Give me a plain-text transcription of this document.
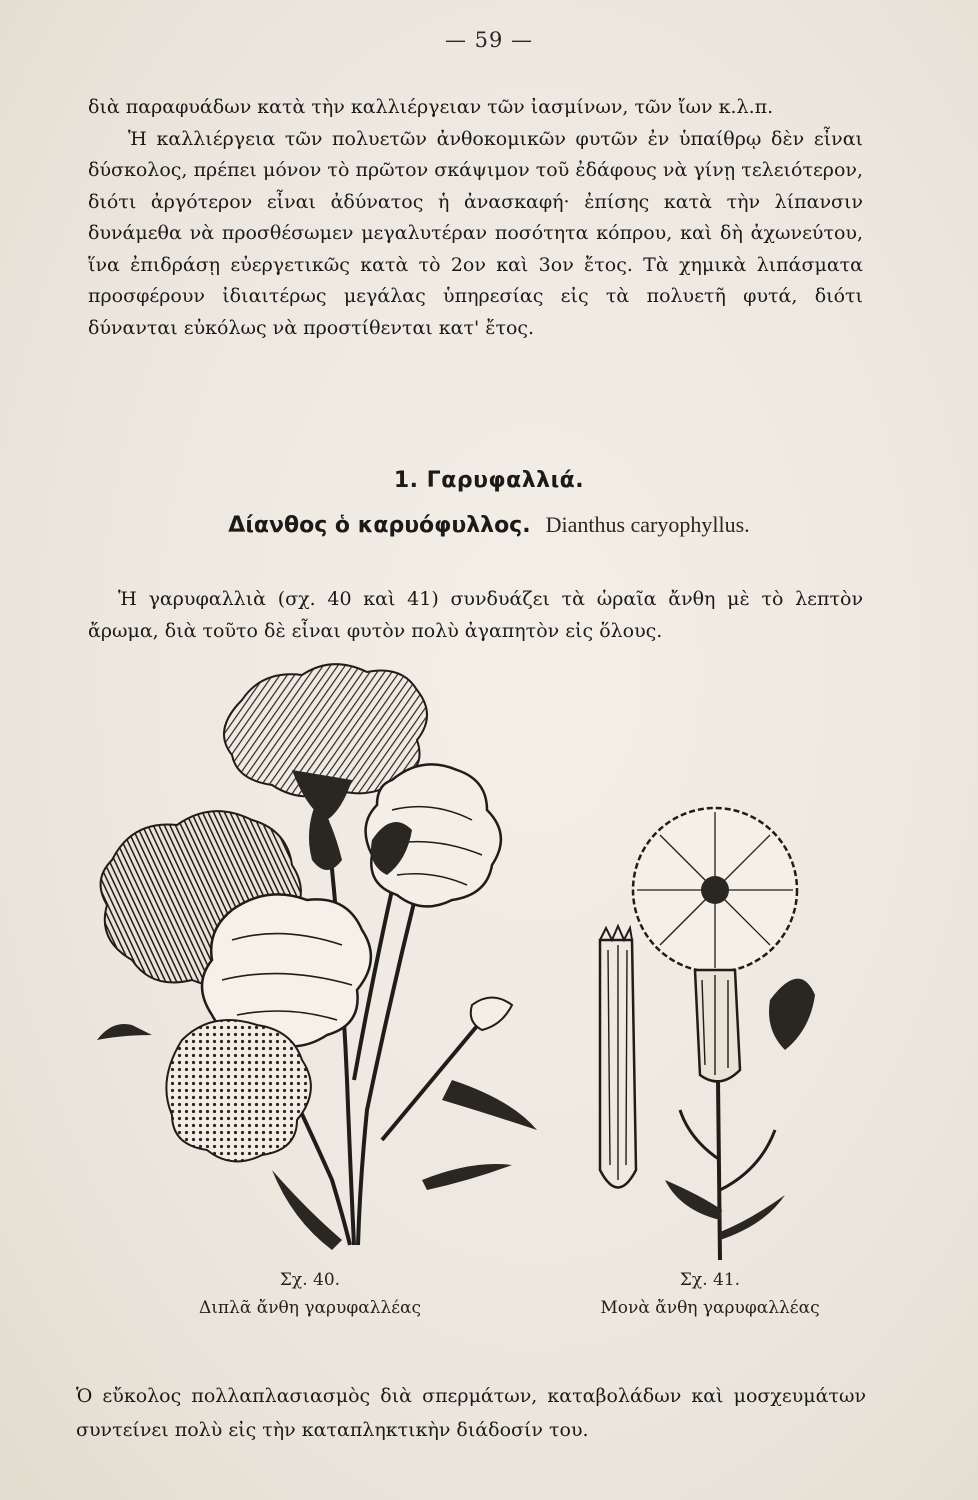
— 59 —

διὰ παραφυάδων κατὰ τὴν καλλιέργειαν τῶν ἰασμίνων, τῶν ἴων κ.λ.π.

Ἡ καλλιέργεια τῶν πολυετῶν ἀνθοκομικῶν φυτῶν ἐν ὑπαίθρῳ δὲν εἶναι δύσκολος, πρέπει μόνον τὸ πρῶτον σκάψιμον τοῦ ἐδάφους νὰ γίνῃ τελειότερον, διότι ἀργότερον εἶναι ἀδύνατος ἡ ἀνασκαφή· ἐπίσης κατὰ τὴν λίπανσιν δυνάμεθα νὰ προσθέσωμεν μεγαλυτέραν ποσότητα κόπρου, καὶ δὴ ἀχωνεύτου, ἵνα ἐπιδράσῃ εὐεργετικῶς κατὰ τὸ 2ον καὶ 3ον ἔτος. Τὰ χημικὰ λιπάσματα προσφέρουν ἰδιαιτέρως μεγάλας ὑπηρεσίας εἰς τὰ πολυετῆ φυτά, διότι δύνανται εὐκόλως νὰ προστίθενται κατ' ἔτος.

1. Γαρυφαλλιά.
Δίανθος ὁ καρυόφυλλος. Dianthus caryophyllus.

Ἡ γαρυφαλλιὰ (σχ. 40 καὶ 41) συνδυάζει τὰ ὡραῖα ἄνθη μὲ τὸ λεπτὸν ἄρωμα, διὰ τοῦτο δὲ εἶναι φυτὸν πολὺ ἀγαπητὸν εἰς ὅλους.

Σχ. 40.
Διπλᾶ ἄνθη γαρυφαλλέας
Σχ. 41.
Μονὰ ἄνθη γαρυφαλλέας

Ὁ εὔκολος πολλαπλασιασμὸς διὰ σπερμάτων, καταβολάδων καὶ μοσχευμάτων συντείνει πολὺ εἰς τὴν καταπληκτικὴν διάδοσίν του.
